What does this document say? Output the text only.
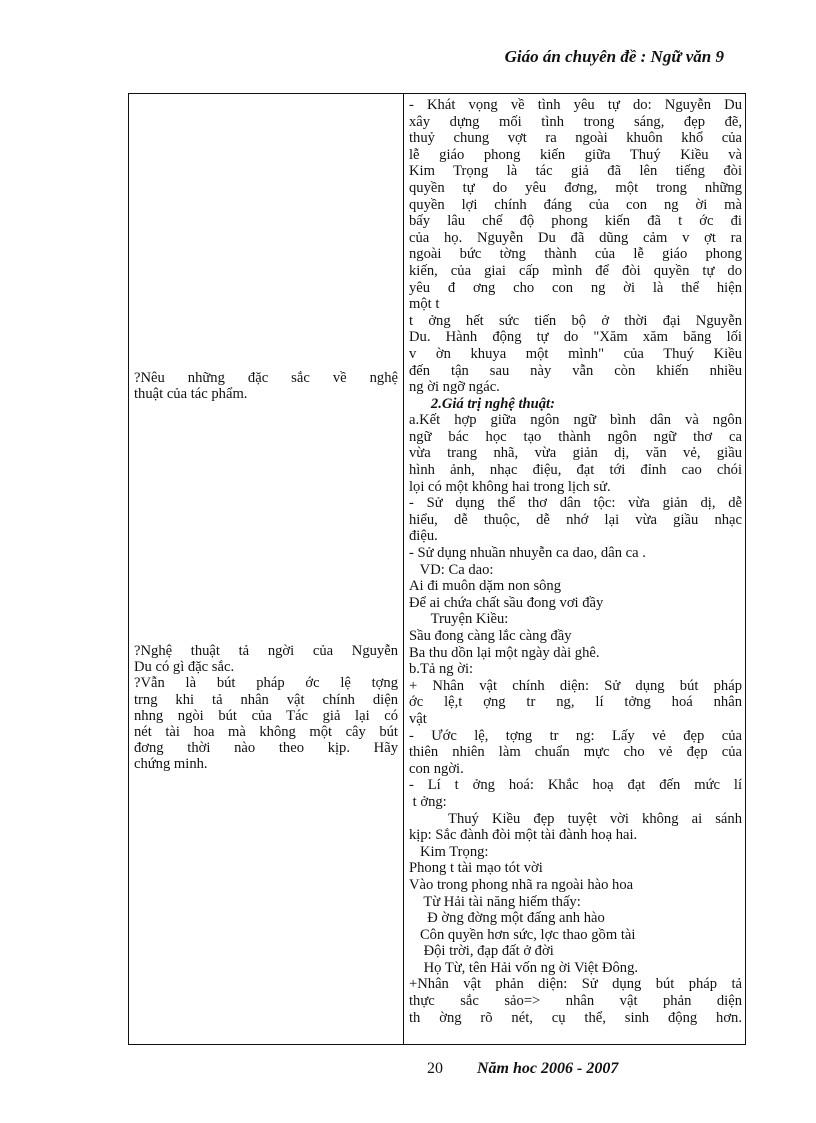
Giáo án chuyên đề : Ngữ văn 9
?Nêu những đặc sắc về nghệ
thuật của tác phẩm.
?Nghệ thuật tả ngời của Nguyễn
Du có gì đặc sắc.
?Vẫn là bút pháp ớc lệ tợng
trng khi tả nhân vật chính diện
nhng ngòi bút của Tác giả lại có
nét tài hoa mà không một cây bút
đơng thời nào theo kịp. Hãy
chứng minh.
- Khát vọng về tình yêu tự do: Nguyễn Du
xây dựng mối tình trong sáng, đẹp đẽ,
thuỷ chung vợt ra ngoài khuôn khổ của
lễ giáo phong kiến giữa Thuý Kiều và
Kim Trọng là tác giả đã lên tiếng đòi
quyền tự do yêu đơng, một trong những
quyền lợi chính đáng của con ng ời mà
bấy lâu chế độ phong kiến đã t ớc đi
của họ. Nguyễn Du đã dũng cảm v ợt ra
ngoài bức tờng thành của lễ giáo phong
kiến, của giai cấp mình để đòi quyền tự do
yêu đ ơng cho con ng ời là thể hiện
một t
t ởng hết sức tiến bộ ở thời đại Nguyễn
Du. Hành động tự do "Xăm xăm băng lối
v ờn khuya một mình" của Thuý Kiều
đến tận sau này vẫn còn khiến nhiều
ng ời ngỡ ngác.
2.Giá trị nghệ thuật:
a.Kết hợp giữa ngôn ngữ bình dân và ngôn
ngữ bác học tạo thành ngôn ngữ thơ ca
vừa trang nhã, vừa giản dị, văn vẻ, giầu
hình ảnh, nhạc điệu, đạt tới đỉnh cao chói
lọi có một không hai trong lịch sử.
- Sử dụng thể thơ dân tộc: vừa giản dị, dễ
hiểu, dễ thuộc, dễ nhớ lại vừa giầu nhạc
điệu.
- Sử dụng nhuần nhuyễn ca dao, dân ca .
VD: Ca dao:
Ai đi muôn dặm non sông
Để ai chứa chất sầu đong vơi đầy
Truyện Kiều:
Sầu đong càng lắc càng đầy
Ba thu dồn lại một ngày dài ghê.
b.Tả ng ời:
+ Nhân vật chính diện: Sử dụng bút pháp
ớc lệ,t ợng tr ng, lí tởng hoá nhân
vật
- Ước lệ, tợng tr ng: Lấy vẻ đẹp của
thiên nhiên làm chuẩn mực cho vẻ đẹp của
con ngời.
- Lí t ởng hoá: Khắc hoạ đạt đến mức lí
t ởng:
Thuý Kiều đẹp tuyệt vời không ai sánh
kịp: Sắc đành đòi một tài đành hoạ hai.
Kim Trọng:
Phong t tài mạo tót vời
Vào trong phong nhã ra ngoài hào hoa
Từ Hải tài năng hiếm thấy:
Đ ờng đờng một đấng anh hào
Côn quyền hơn sức, lợc thao gồm tài
Đội trời, đạp đất ở đời
Họ Từ, tên Hải vốn ng ời Việt Đông.
+Nhân vật phản diện: Sử dụng bút pháp tả
thực sắc sảo=> nhân vật phản diện
th ờng rõ nét, cụ thể, sinh động hơn.
20 Năm hoc 2006 - 2007
